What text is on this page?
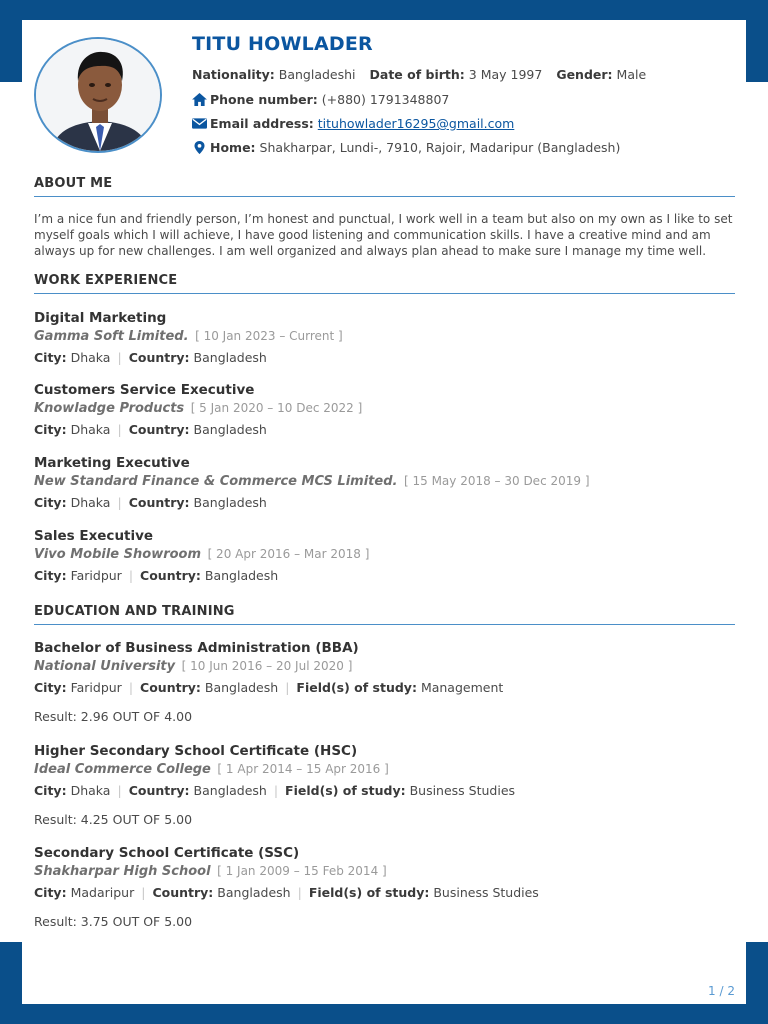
TITU HOWLADER
Nationality: Bangladeshi Date of birth: 3 May 1997 Gender: Male
Phone number: (+880) 1791348807
Email address: tituhowlader16295@gmail.com
Home: Shakharpar, Lundi-, 7910, Rajoir, Madaripur (Bangladesh)
ABOUT ME
I’m a nice fun and friendly person, I’m honest and punctual, I work well in a team but also on my own as I like to set myself goals which I will achieve, I have good listening and communication skills. I have a creative mind and am always up for new challenges. I am well organized and always plan ahead to make sure I manage my time well.
WORK EXPERIENCE
Digital Marketing
Gamma Soft Limited. [ 10 Jan 2023 – Current ]
City: Dhaka | Country: Bangladesh
Customers Service Executive
Knowladge Products [ 5 Jan 2020 – 10 Dec 2022 ]
City: Dhaka | Country: Bangladesh
Marketing Executive
New Standard Finance & Commerce MCS Limited. [ 15 May 2018 – 30 Dec 2019 ]
City: Dhaka | Country: Bangladesh
Sales Executive
Vivo Mobile Showroom [ 20 Apr 2016 – Mar 2018 ]
City: Faridpur | Country: Bangladesh
EDUCATION AND TRAINING
Bachelor of Business Administration (BBA)
National University [ 10 Jun 2016 – 20 Jul 2020 ]
City: Faridpur | Country: Bangladesh | Field(s) of study: Management
Result: 2.96 OUT OF 4.00
Higher Secondary School Certificate (HSC)
Ideal Commerce College [ 1 Apr 2014 – 15 Apr 2016 ]
City: Dhaka | Country: Bangladesh | Field(s) of study: Business Studies
Result: 4.25 OUT OF 5.00
Secondary School Certificate (SSC)
Shakharpar High School [ 1 Jan 2009 – 15 Feb 2014 ]
City: Madaripur | Country: Bangladesh | Field(s) of study: Business Studies
Result: 3.75 OUT OF 5.00
1 / 2
